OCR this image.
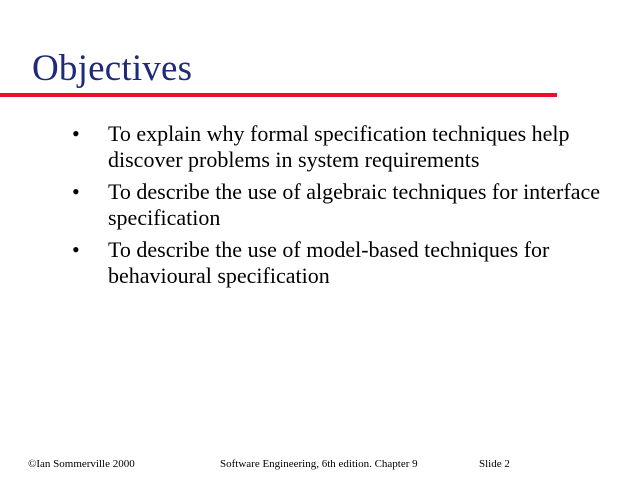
Objectives
•	To explain why formal specification techniques help discover problems in system requirements
•	To describe the use of algebraic techniques for interface specification
•	To describe the use of model-based techniques for behavioural specification
©Ian Sommerville 2000	Software Engineering, 6th edition. Chapter 9	Slide 2
